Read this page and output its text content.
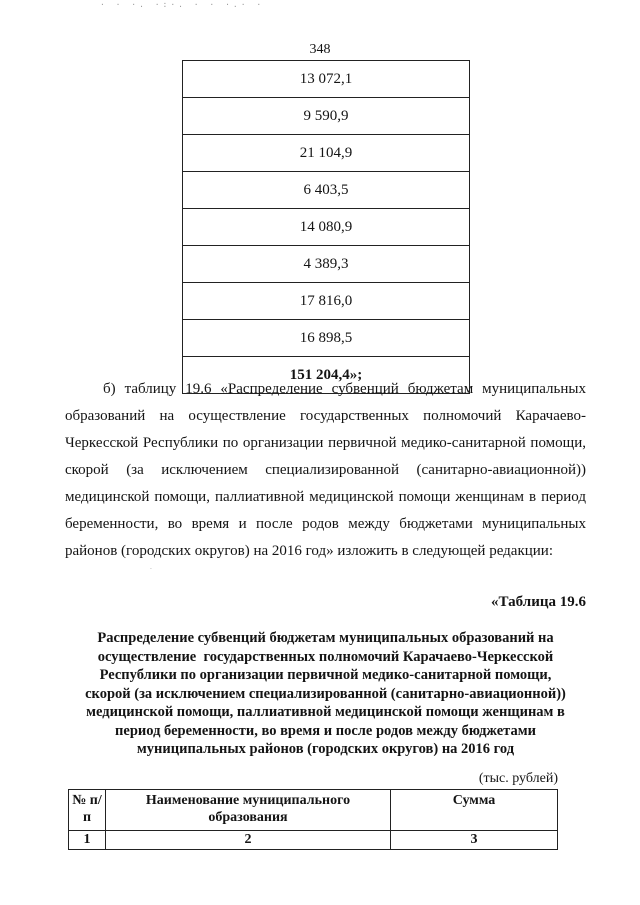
· · ·. ·:·. · · ·.· ·
348
13 072,1
9 590,9
21 104,9
6 403,5
14 080,9
4 389,3
17 816,0
16 898,5
151 204,4»;
б) таблицу 19.6 «Распределение субвенций бюджетам муниципальных образований на осуществление государственных полномочий Карачаево-Черкесской Республики по организации первичной медико-санитарной помощи, скорой (за исключением специализированной (санитарно-авиационной)) медицинской помощи, паллиативной медицинской помощи женщинам в период беременности, во время и после родов между бюджетами муниципальных районов (городских округов) на 2016 год» изложить в следующей редакции:
·
«Таблица 19.6
Распределение субвенций бюджетам муниципальных образований на
осуществление  государственных полномочий Карачаево-Черкесской
Республики по организации первичной медико-санитарной помощи,
скорой (за исключением специализированной (санитарно-авиационной))
медицинской помощи, паллиативной медицинской помощи женщинам в
период беременности, во время и после родов между бюджетами
муниципальных районов (городских округов) на 2016 год
(тыс. рублей)
№ п/п	Наименование муниципального образования	Сумма
1	2	3
